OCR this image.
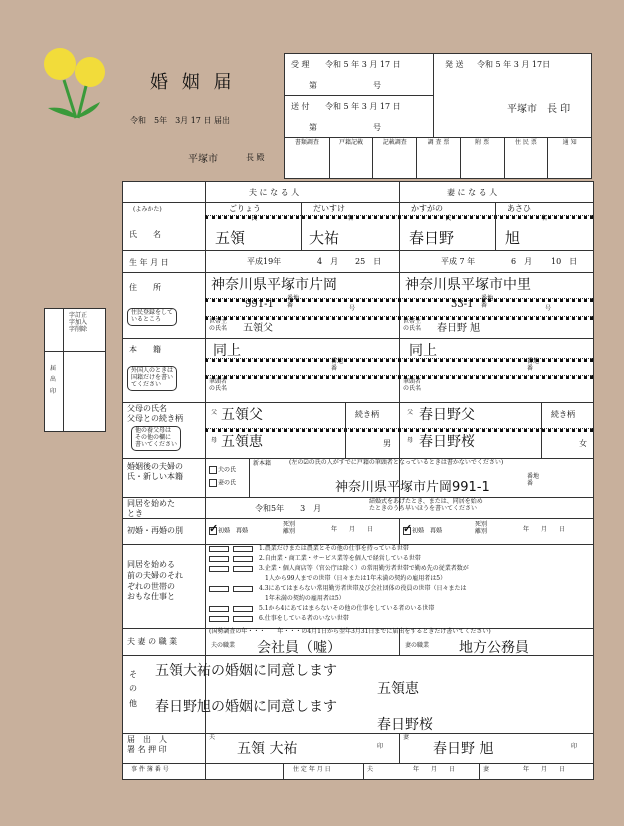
婚 姻 届
令和　5年　3月 17 日 届出
平塚市	長 殿
受 理 令和 5 年 3 月 17 日
第　　　　　　　号
送 付 令和 5 年 3 月 17 日
第　　　　　　　号
発 送 令和 5 年 3 月 17日
平塚市　長 印
書類調査	戸籍記載	記載調査	調 査 票	附 票	住 民 票	通 知
字訂正
字加入
字削除
届
出
印
夫 に な る 人	妻 に な る 人
(よみかた)
氏　　名
ごりょう	だいすけ	かすがの	あさひ
氏	名	氏	名
五領	大祐	春日野	旭
生 年 月 日	平成19年	4　月 25　日	平成 7 年	6　月 10　日
住　　所
住民登録をして
いるところ
神奈川県平塚市片岡	神奈川県平塚市中里
991-1	33-1
番地
番
番地
番
号	号
世帯主
の氏名
世帯主
の氏名
五領父	春日野 旭
本　　籍
外国人のときは
国籍だけを書い
てください
同上	同上
番地
番
番地
番
筆頭者
の氏名
筆頭者
の氏名
父母の氏名
父母との続き柄
他の養父母は
その他の欄に
書いてください
父 五領父
母 五領恵
続き柄
男
父 春日野父
母 春日野桜
続き柄
女
婚姻後の夫婦の
氏・新しい本籍
夫の氏
妻の氏
新本籍	(左の☑の氏の人がすでに戸籍の筆頭者となっているときは書かないでください)
神奈川県平塚市片岡991-1
番地
番
同居を始めた
とき
令和5年　　3　月
結婚式をあげたとき、または、同居を始め
たときのうち早いほうを書いてください
初婚・再婚の別 ✓	初婚　 再婚
死別
離別	年　　月　　日 ✓	初婚　 再婚
死別
離別	年　　月　　日
同居を始める
前の夫婦のそれ
ぞれの世帯の
おもな仕事と
1.農業だけまたは農業とその他の仕事を持っている世帯
2.自由業・商工業・サービス業等を個人で経営している世帯
3.企業・個人商店等（官公庁は除く）の常用勤労者世帯で勤め先の従業者数が
　1人から99人までの世帯（日々または1年未満の契約の雇用者は5）
4.3にあてはまらない常用勤労者世帯及び会社団体の役員の世帯（日々または
　1年未満の契約の雇用者は5）
5.1から4にあてはまらないその他の仕事をしている者のいる世帯
6.仕事をしている者のいない世帯
夫 妻 の 職 業
(国勢調査の年・・・　　年・・・の4月1日から翌年3月31日までに届出をするときだけ書いてください)
夫の職業 会社員（嘘）	妻の職業 地方公務員
そ
の
他
五領大祐の婚姻に同意します
五領恵
春日野旭の婚姻に同意します
春日野桜
届　出　人
署 名 押 印
夫
五領 大祐	印
妻
春日野 旭	印
事 件 簿 番 号	住 定 年 月 日	夫	年　　月　　日	妻	年　　月　　日
